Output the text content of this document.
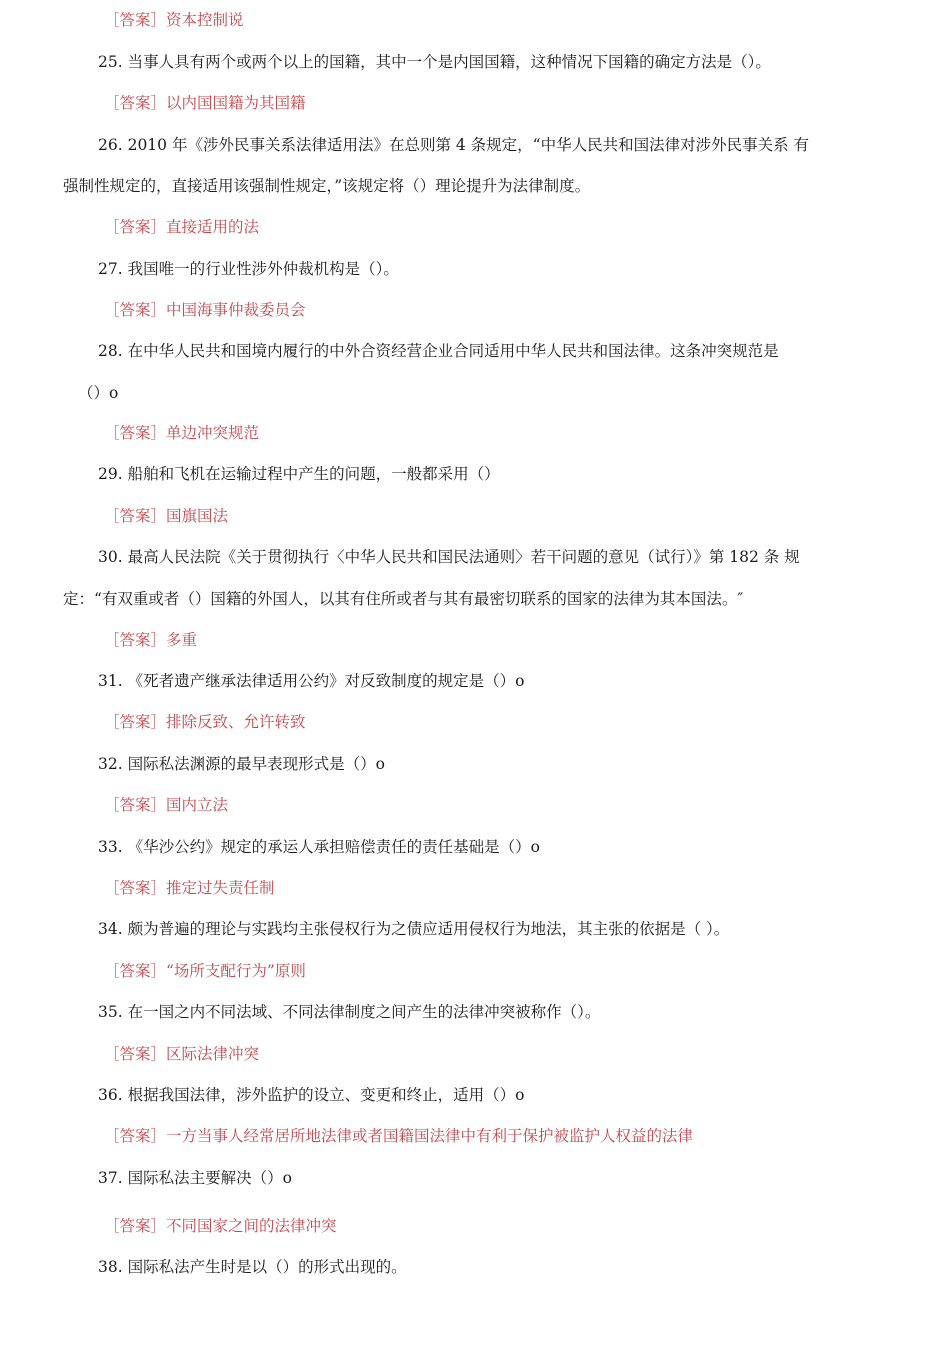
［答案］资本控制说
25. 当事人具有两个或两个以上的国籍，其中一个是内国国籍，这种情况下国籍的确定方法是（）。
［答案］以内国国籍为其国籍
26. 2010 年《涉外民事关系法律适用法》在总则第 4 条规定，“中华人民共和国法律对涉外民事关系 有
强制性规定的，直接适用该强制性规定，”该规定将（）理论提升为法律制度。
［答案］直接适用的法
27. 我国唯一的行业性涉外仲裁机构是（）。
［答案］中国海事仲裁委员会
28. 在中华人民共和国境内履行的中外合资经营企业合同适用中华人民共和国法律。这条冲突规范是
（）o
［答案］单边冲突规范
29. 船舶和飞机在运输过程中产生的问题，一般都采用（）
［答案］国旗国法
30. 最高人民法院《关于贯彻执行〈中华人民共和国民法通则〉若干问题的意见（试行）》第 182 条 规
定：“有双重或者（）国籍的外国人，以其有住所或者与其有最密切联系的国家的法律为其本国法。″
［答案］多重
31. 《死者遗产继承法律适用公约》对反致制度的规定是（）o
［答案］排除反致、允许转致
32. 国际私法渊源的最早表现形式是（）o
［答案］国内立法
33. 《华沙公约》规定的承运人承担赔偿责任的责任基础是（）o
［答案］推定过失责任制
34. 颇为普遍的理论与实践均主张侵权行为之债应适用侵权行为地法，其主张的依据是（ ）。
［答案］“场所支配行为”原则
35. 在一国之内不同法域、不同法律制度之间产生的法律冲突被称作（）。
［答案］区际法律冲突
36. 根据我国法律，涉外监护的设立、变更和终止，适用（）o
［答案］一方当事人经常居所地法律或者国籍国法律中有利于保护被监护人权益的法律
37. 国际私法主要解决（）o
［答案］不同国家之间的法律冲突
38. 国际私法产生时是以（）的形式出现的。
